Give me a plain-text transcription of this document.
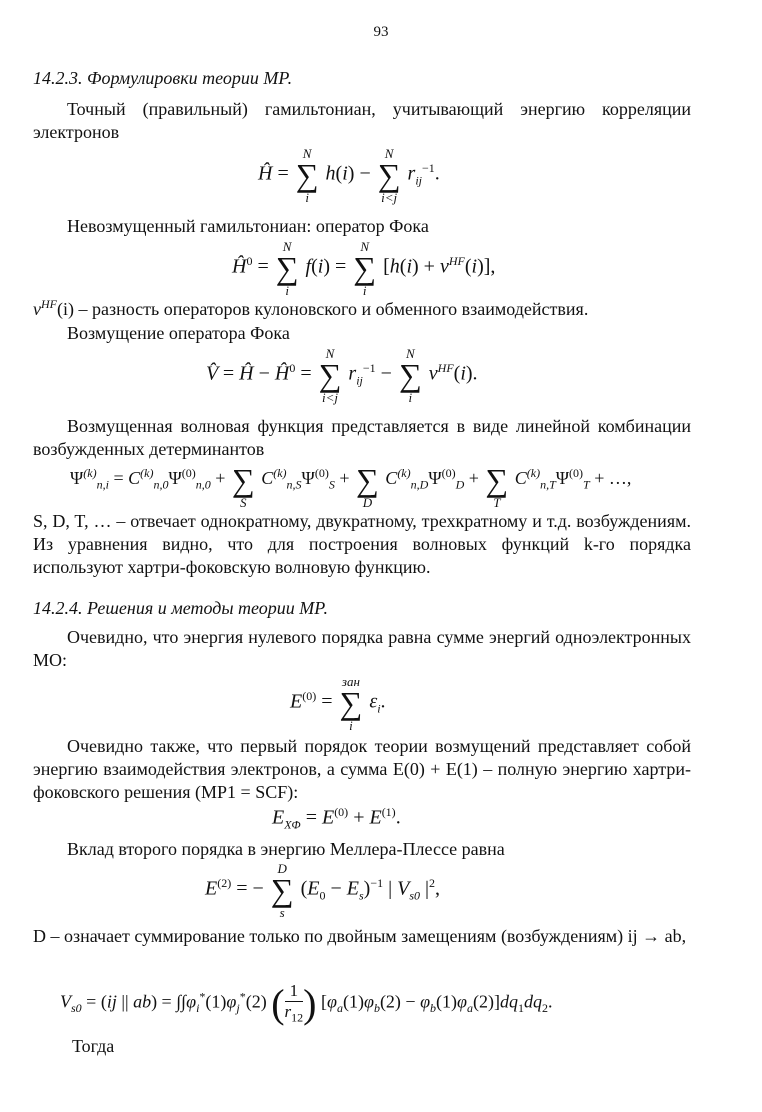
93
14.2.3. Формулировки теории МР.
Точный (правильный) гамильтониан, учитывающий энергию корреляции электронов
Ĥ =
N
∑
i
h(i) −
N
∑
i<j
$r_{ij}^{-1}$.
Невозмущенный гамильтониан: оператор Фока
$Ĥ^0$ =
N
∑
i
f(i) =
N
∑
i
$[h(i) + v^{HF}(i)]$,
$v^{HF}(i)$ – разность операторов кулоновского и обменного взаимодействия.
Возмущение оператора Фока
V̂ = Ĥ − $Ĥ^0$ =
N
∑
i<j
$r_{ij}^{-1}$ −
N
∑
i
$v^{HF}(i)$.
Возмущенная волновая функция представляется в виде линейной комбинации возбужденных детерминантов
$\Psi^{(k)}_{n,i} = C^{(k)}_{n,0}\Psi^{(0)}_{n,0}$ + ∑
S
$C^{(k)}_{n,S}\Psi^{(0)}_S$ + ∑
D
$C^{(k)}_{n,D}\Psi^{(0)}_D$ + ∑
T
$C^{(k)}_{n,T}\Psi^{(0)}_T$ + …,
S, D, T, … – отвечает однократному, двукратному, трехкратному и т.д. возбуждениям. Из уравнения видно, что для построения волновых функций k-го порядка используют хартри-фоковскую волновую функцию.
14.2.4. Решения и методы теории МР.
Очевидно, что энергия нулевого порядка равна сумме энергий одноэлектронных МО:
$E^{(0)}$ =
зан
∑
i
$\varepsilon_i$.
Очевидно также, что первый порядок теории возмущений представляет собой энергию взаимодействия электронов, а сумма E(0) + E(1) – полную энергию хартри-фоковского решения (МР1 = SCF):
$E_{X\Phi} = E^{(0)} + E^{(1)}$.
Вклад второго порядка в энергию Меллера-Плессе равна
$E^{(2)}$ = −
D
∑
s
$(E_0 - E_s)^{-1}$ | $V_{s0}$ $|^2$,
D – означает суммирование только по двойным замещениям (возбуждениям) ij → ab,
$V_{s0} = (ij$ || $ab) = \int\int\varphi_i^*(1)\varphi_j^*(2)$ ( $\frac{1}{r_{12}}$ ) $[\varphi_a(1)\varphi_b(2) - \varphi_b(1)\varphi_a(2)]dq_1dq_2$.
Тогда
